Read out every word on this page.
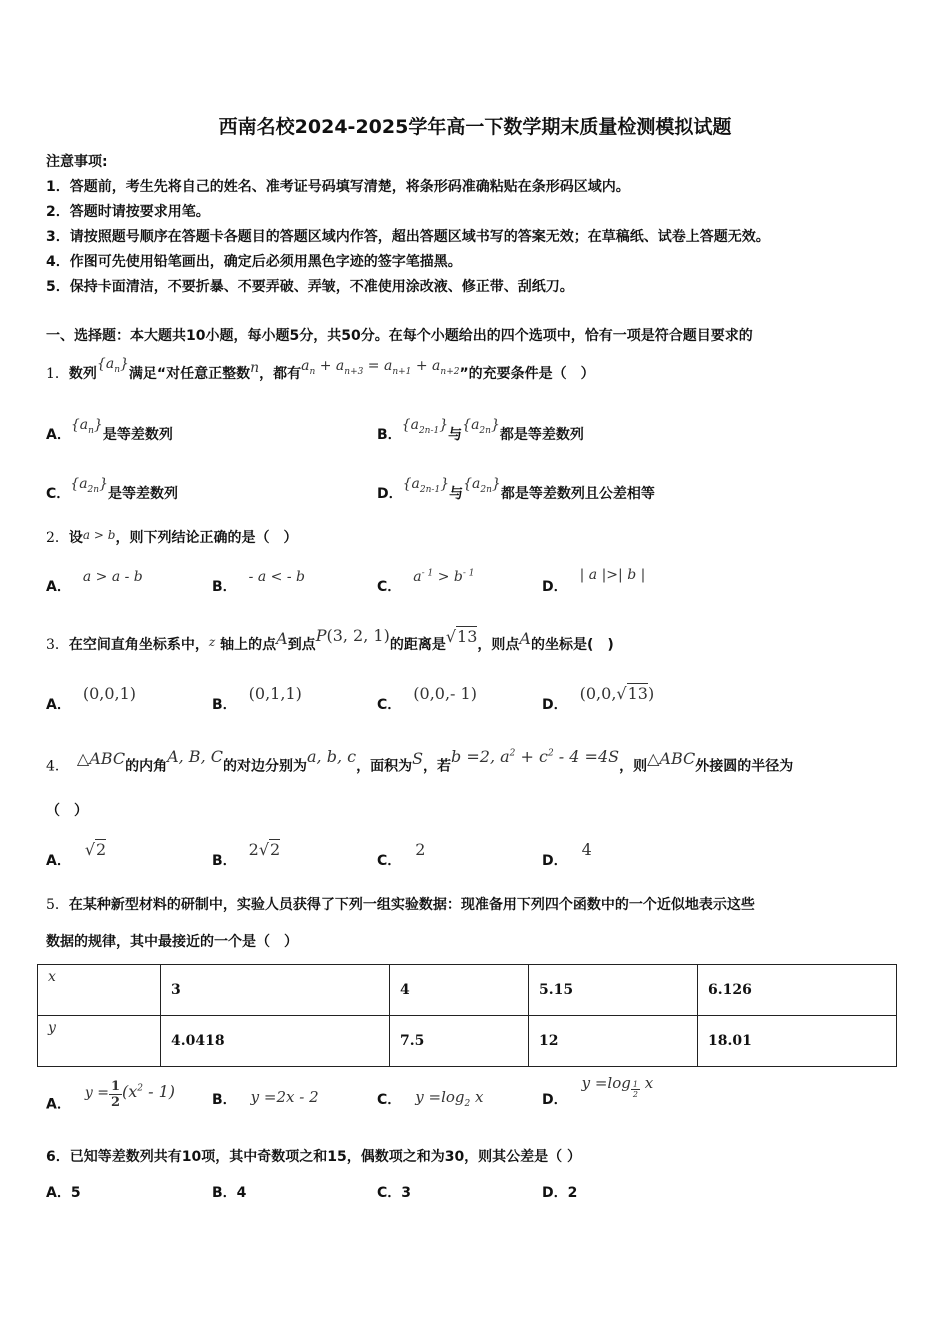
西南名校2024-2025学年高一下数学期末质量检测模拟试题
注意事项:
1．答题前，考生先将自己的姓名、准考证号码填写清楚，将条形码准确粘贴在条形码区域内。
2．答题时请按要求用笔。
3．请按照题号顺序在答题卡各题目的答题区域内作答，超出答题区域书写的答案无效；在草稿纸、试卷上答题无效。
4．作图可先使用铅笔画出，确定后必须用黑色字迹的签字笔描黑。
5．保持卡面清洁，不要折暴、不要弄破、弄皱，不准使用涂改液、修正带、刮纸刀。
一、选择题：本大题共10小题，每小题5分，共50分。在每个小题给出的四个选项中，恰有一项是符合题目要求的
1．数列$\{a_n\}$满足“对任意正整数n，都有$a_n + a_{n+3} = a_{n+1} + a_{n+2}$”的充要条件是（　）
A．$\{a_n\}$是等差数列	B．$\{a_{2n-1}\}$与$\{a_{2n}\}$都是等差数列
C．$\{a_{2n}\}$是等差数列	D．$\{a_{2n-1}\}$与$\{a_{2n}\}$都是等差数列且公差相等
2．设a > b，则下列结论正确的是（　）
A．a > a - b
B．- a < - b
C．$a^{- 1} > b^{- 1}$
D．| a |>| b |
3．在空间直角坐标系中，z 轴上的点A到点P(3, 2, 1)的距离是√13，则点A的坐标是(　)
A．(0,0,1)
B．(0,1,1)
C．(0,0,- 1)
D．(0,0,√13)
4． △ABC的内角A, B, C的对边分别为a, b, c，面积为S，若b =2, $a^2 + c^2 - 4 =4S$，则△ABC外接圆的半径为
（　）
A．√2
B．2√2
C．2
D．4
5．在某种新型材料的研制中，实验人员获得了下列一组实验数据：现准备用下列四个函数中的一个近似地表示这些
数据的规律，其中最接近的一个是（　）
x	3	4	5.15	6.126
y	4.0418	7.5	12	18.01
A．$y = \frac{1}{2}(x^2 - 1)$	B． y =2x - 2	C． $y =\log_2$ x	D．y =log $_{\frac{1}{2}}$ x
6．已知等差数列共有10项，其中奇数项之和15，偶数项之和为30，则其公差是（ ）
A．5	B．4	C．3	D．2
